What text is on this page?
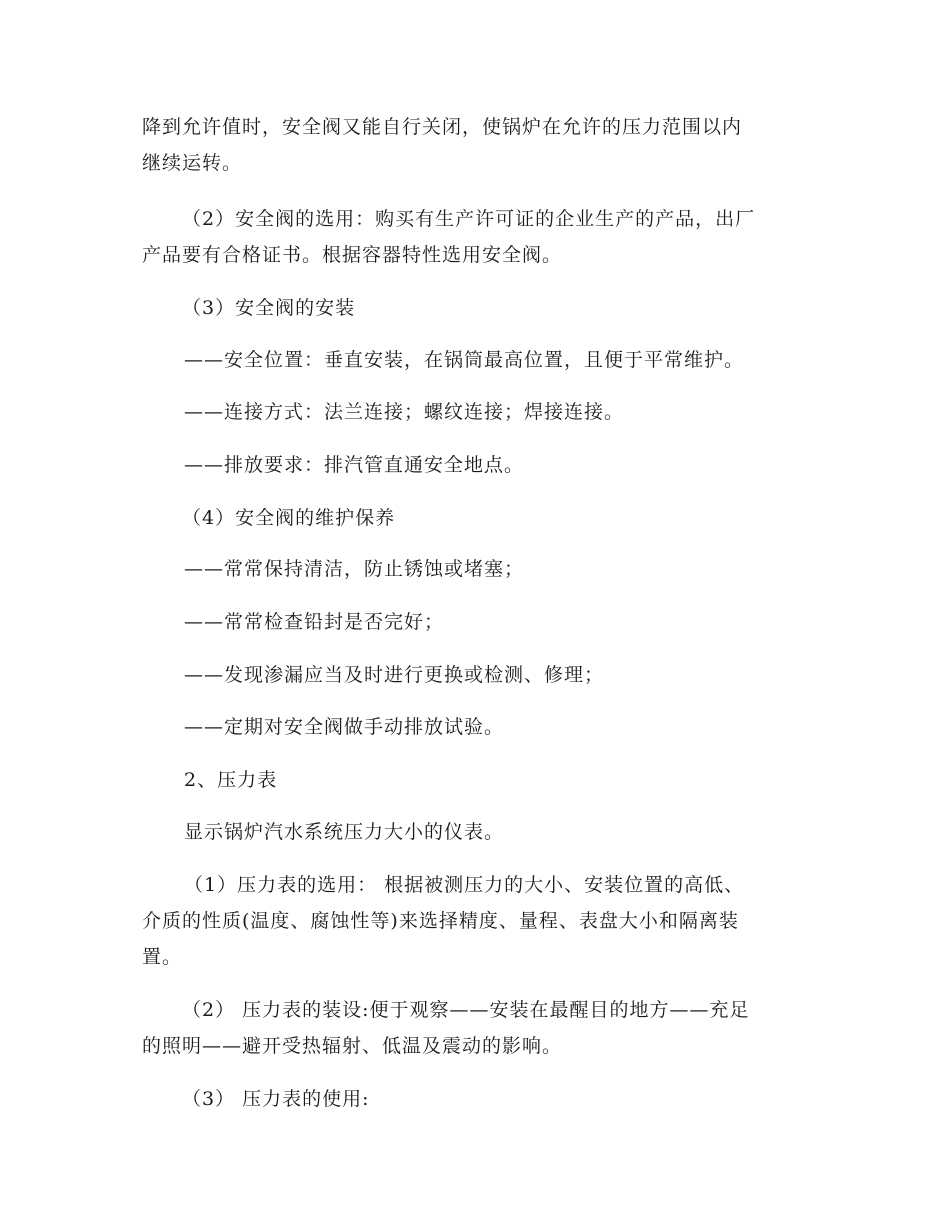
降到允许值时，安全阀又能自行关闭，使锅炉在允许的压力范围以内
继续运转。
（2）安全阀的选用：购买有生产许可证的企业生产的产品，出厂
产品要有合格证书。根据容器特性选用安全阀。
（3）安全阀的安装
——安全位置：垂直安装，在锅筒最高位置，且便于平常维护。
——连接方式：法兰连接；螺纹连接；焊接连接。
——排放要求：排汽管直通安全地点。
（4）安全阀的维护保养
——常常保持清洁，防止锈蚀或堵塞；
——常常检查铅封是否完好；
——发现渗漏应当及时进行更换或检测、修理；
——定期对安全阀做手动排放试验。
2、压力表
显示锅炉汽水系统压力大小的仪表。
（1）压力表的选用： 根据被测压力的大小、安装位置的高低、
介质的性质(温度、腐蚀性等)来选择精度、量程、表盘大小和隔离装
置。
（2） 压力表的装设:便于观察——安装在最醒目的地方——充足
的照明——避开受热辐射、低温及震动的影响。
（3） 压力表的使用:
